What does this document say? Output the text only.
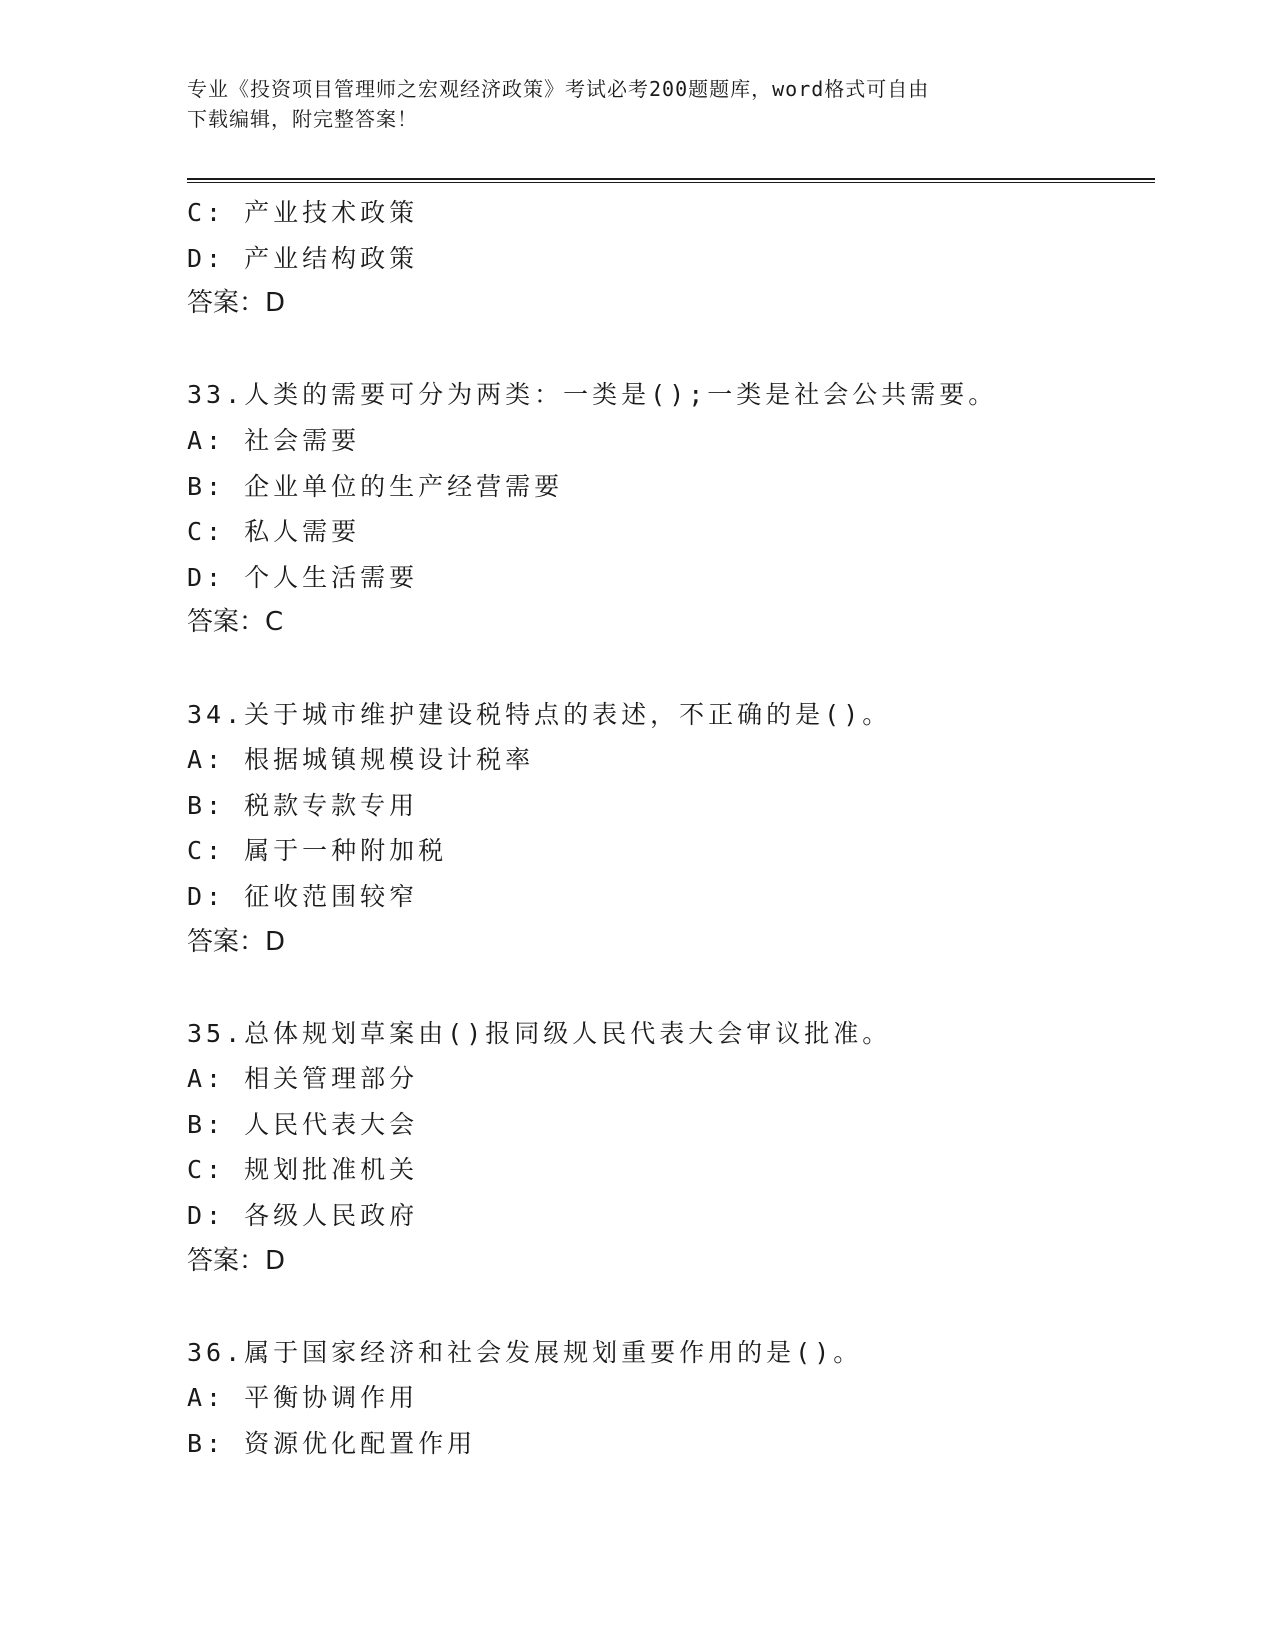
专业《投资项目管理师之宏观经济政策》考试必考200题题库，word格式可自由
下载编辑，附完整答案！
C: 产业技术政策
D: 产业结构政策
答案：D
33.人类的需要可分为两类：一类是();一类是社会公共需要。
A: 社会需要
B: 企业单位的生产经营需要
C: 私人需要
D: 个人生活需要
答案：C
34.关于城市维护建设税特点的表述，不正确的是()。
A: 根据城镇规模设计税率
B: 税款专款专用
C: 属于一种附加税
D: 征收范围较窄
答案：D
35.总体规划草案由()报同级人民代表大会审议批准。
A: 相关管理部分
B: 人民代表大会
C: 规划批准机关
D: 各级人民政府
答案：D
36.属于国家经济和社会发展规划重要作用的是()。
A: 平衡协调作用
B: 资源优化配置作用
